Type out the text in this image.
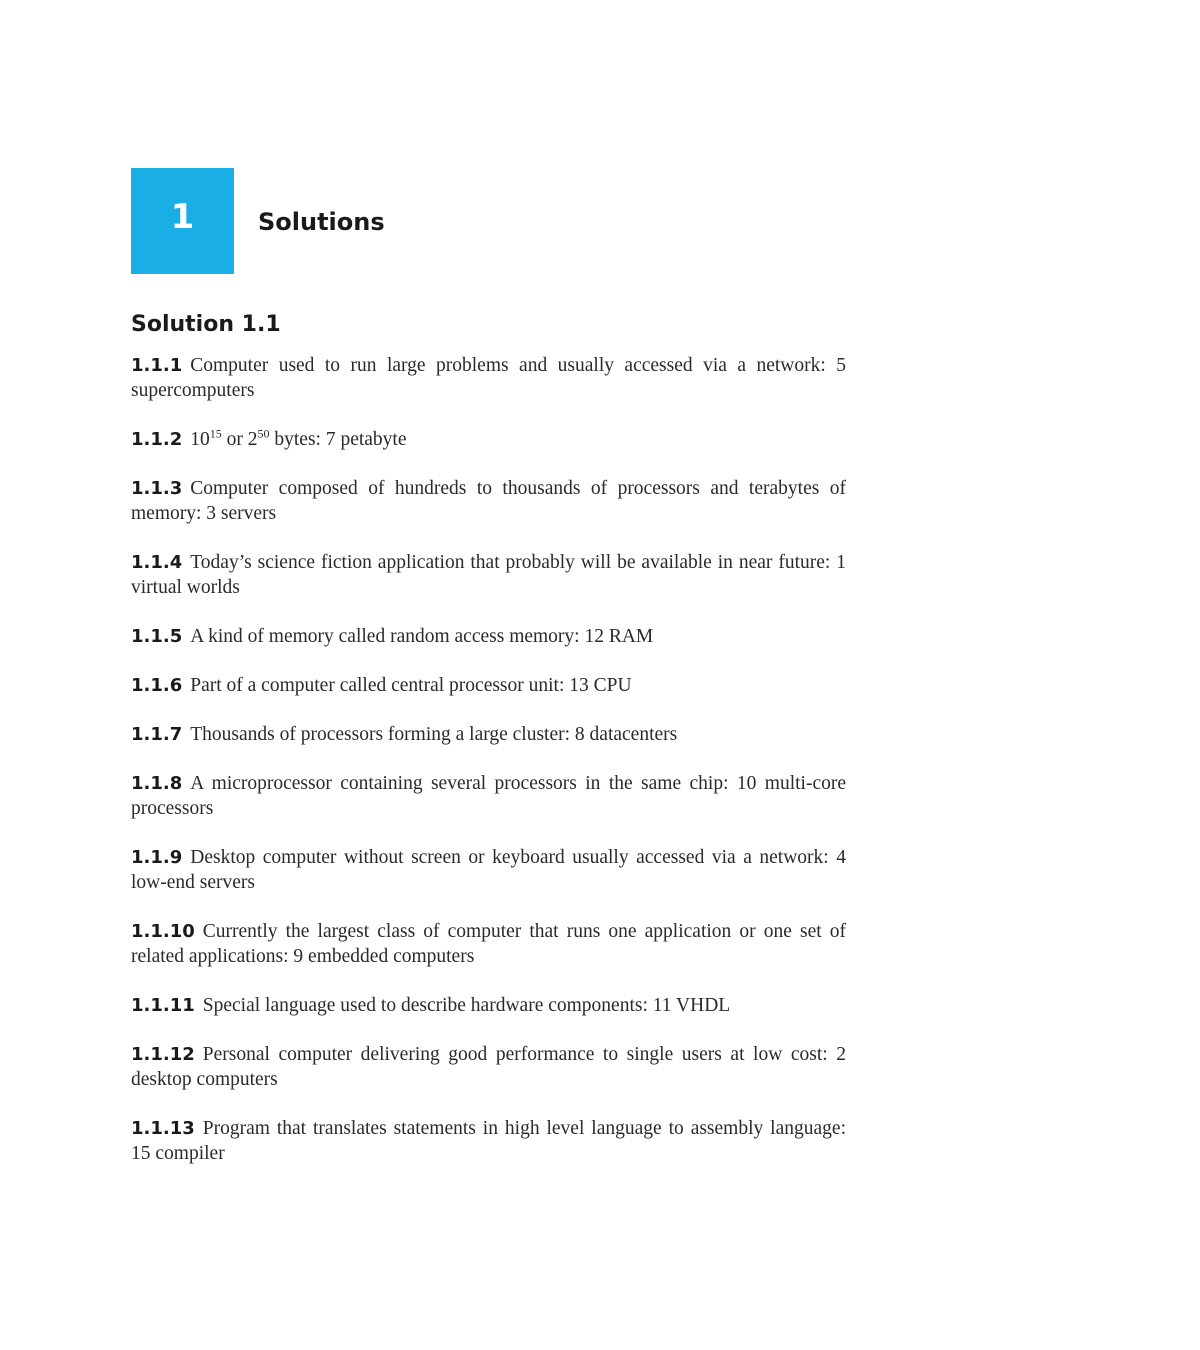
1	Solutions
Solution 1.1
1.1.1 Computer used to run large problems and usually accessed via a network: 5 supercomputers
1.1.2 $10^{15}$ or $2^{50}$ bytes: 7 petabyte
1.1.3 Computer composed of hundreds to thousands of processors and terabytes of memory: 3 servers
1.1.4 Today’s science fiction application that probably will be available in near future: 1 virtual worlds
1.1.5 A kind of memory called random access memory: 12 RAM
1.1.6 Part of a computer called central processor unit: 13 CPU
1.1.7 Thousands of processors forming a large cluster: 8 datacenters
1.1.8 A microprocessor containing several processors in the same chip: 10 multi-core processors
1.1.9 Desktop computer without screen or keyboard usually accessed via a network: 4 low-end servers
1.1.10 Currently the largest class of computer that runs one application or one set of related applications: 9 embedded computers
1.1.11 Special language used to describe hardware components: 11 VHDL
1.1.12 Personal computer delivering good performance to single users at low cost: 2 desktop computers
1.1.13 Program that translates statements in high level language to assembly language: 15 compiler
